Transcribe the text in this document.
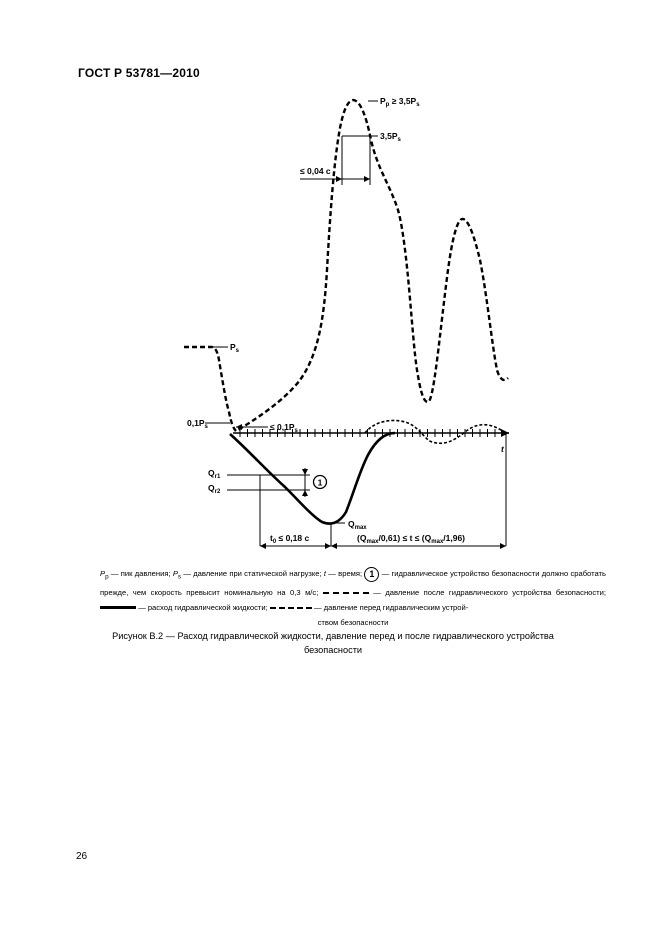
ГОСТ Р 53781—2010
1
$P_p \ge 3,5P_s$
$3,5P_s$
≤ 0,04 c
$P_s$
$0,1P_s$	≤ $0,1P_s$
t
$Q_{r1}$
$Q_{r2}$
$Q_{max}$
$t_0 \le 0,18$ c	$(Q_{max}/0,61) \le t \le (Q_{max}/1,96)$
$P_p$ — пик давления; $P_s$ — давление при статической нагрузке; t — время; 1 — гидравлическое устройство безопасности должно сработать прежде, чем скорость превысит номинальную на 0,3 м/с;	— давление после гидравлического устройства безопасности;  — расход гидравлической жидкости;	— давление перед гидравлическим устрой-
ством безопасности
Рисунок В.2 — Расход гидравлической жидкости, давление перед и после гидравлического устройства
безопасности
26
